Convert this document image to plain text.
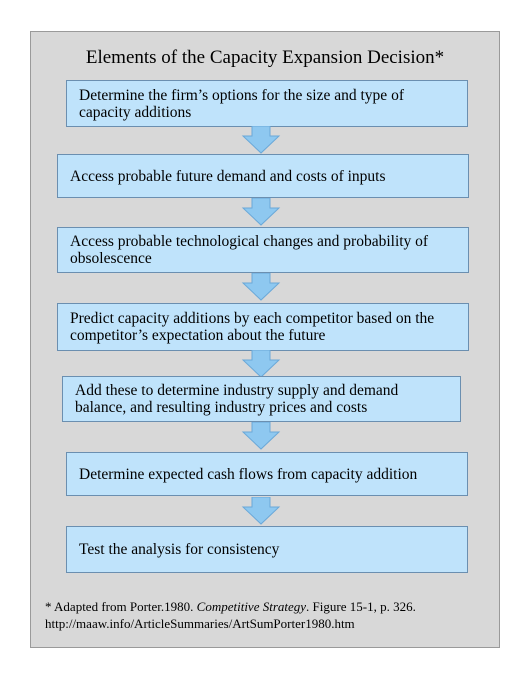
Elements of the Capacity Expansion Decision*
Determine the firm’s options for the size and type of capacity additions
Access probable future demand and costs of inputs
Access probable technological changes and probability of obsolescence
Predict capacity additions by each competitor based on the competitor’s expectation about the future
Add these to determine industry supply and demand balance, and resulting industry prices and costs
Determine expected cash flows from capacity addition
Test the analysis for consistency
* Adapted from Porter.1980. Competitive Strategy. Figure 15-1, p. 326.
http://maaw.info/ArticleSummaries/ArtSumPorter1980.htm
